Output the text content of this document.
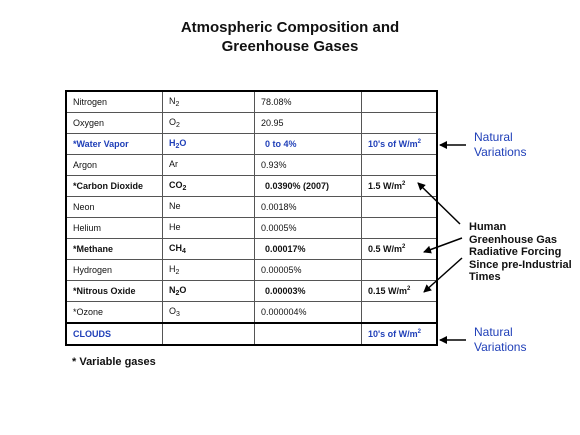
Atmospheric Composition and
Greenhouse Gases
Nitrogen	$N_2$	78.08%	
Oxygen	$O_2$	20.95	
*Water Vapor	$H_2O$	0 to 4%	10's of $W/m^2$
Argon	Ar	0.93%	
*Carbon Dioxide	$CO_2$	0.0390% (2007)	1.5 $W/m^2$
Neon	Ne	0.0018%	
Helium	He	0.0005%	
*Methane	$CH_4$	0.00017%	0.5 $W/m^2$
Hydrogen	$H_2$	0.00005%	
*Nitrous Oxide	$N_2O$	0.00003%	0.15 $W/m^2$
*Ozone	$O_3$	0.000004%	
CLOUDS			10's of $W/m^2$
* Variable gases
Natural
Variations
Human
Greenhouse Gas
Radiative Forcing
Since pre-Industrial
Times
Natural
Variations
